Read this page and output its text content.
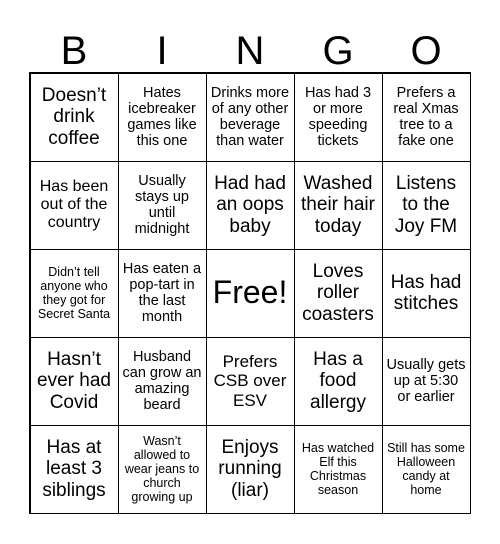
B	I	N	G	O
Doesn’t drink coffee
Hates icebreaker games like this one
Drinks more of any other beverage than water
Has had 3 or more speeding tickets
Prefers a real Xmas tree to a fake one
Has been out of the country
Usually stays up until midnight
Had had an oops baby
Washed their hair today
Listens to the Joy FM
Didn’t tell anyone who they got for Secret Santa
Has eaten a pop-tart in the last month
Free!
Loves roller coasters
Has had stitches
Hasn’t ever had Covid
Husband can grow an amazing beard
Prefers CSB over ESV
Has a food allergy
Usually gets up at 5:30 or earlier
Has at least 3 siblings
Wasn’t allowed to wear jeans to church growing up
Enjoys running (liar)
Has watched Elf this Christmas season
Still has some Halloween candy at home
